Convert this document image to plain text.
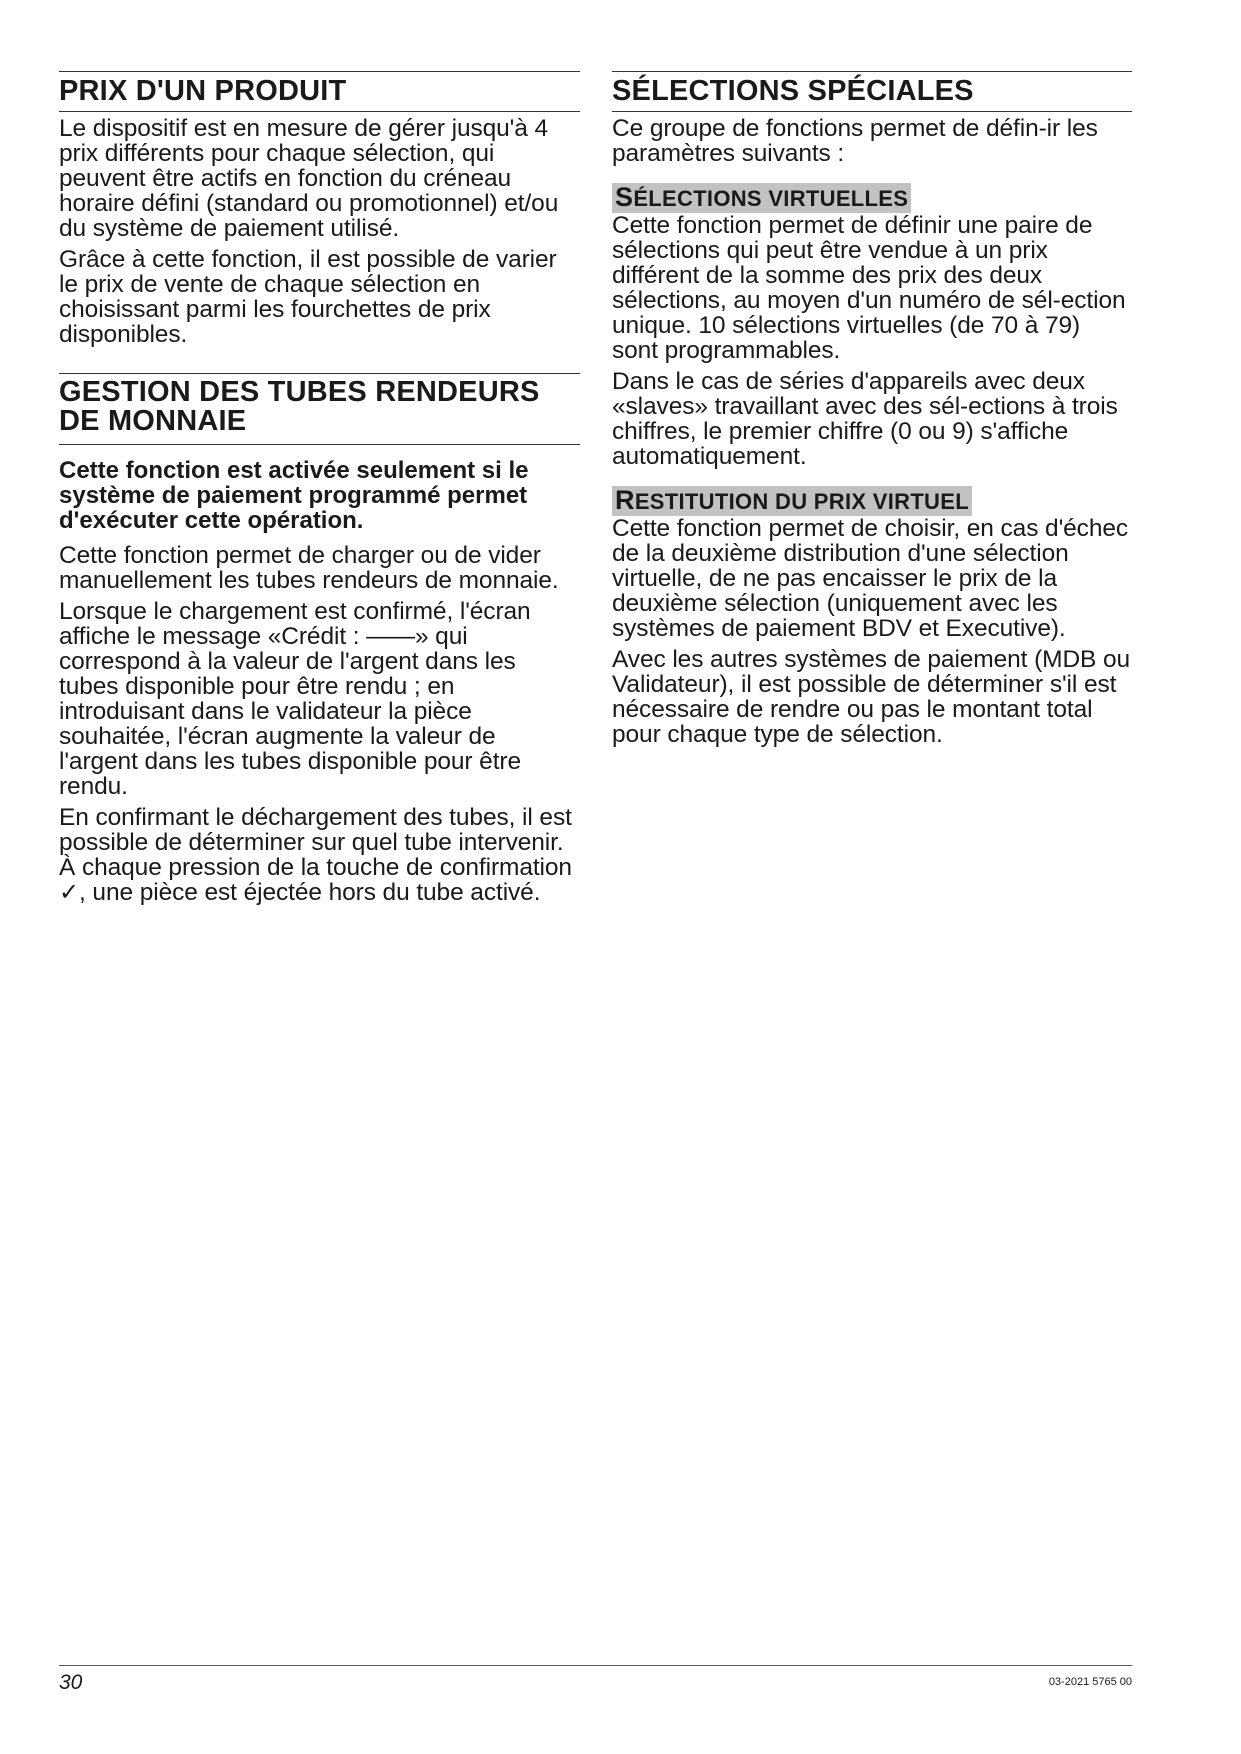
PRIX D'UN PRODUIT

Le dispositif est en mesure de gérer jusqu'à 4 prix différents pour chaque sélection, qui peuvent être actifs en fonction du créneau horaire défini (standard ou promotionnel) et/ou du système de paiement utilisé.

Grâce à cette fonction, il est possible de varier le prix de vente de chaque sélection en choisissant parmi les fourchettes de prix disponibles.

GESTION DES TUBES RENDEURS
DE MONNAIE

Cette fonction est activée seulement si le système de paiement programmé permet d'exécuter cette opération.

Cette fonction permet de charger ou de vider manuellement les tubes rendeurs de monnaie.

Lorsque le chargement est confirmé, l'écran affiche le message «Crédit : ——» qui correspond à la valeur de l'argent dans les tubes disponible pour être rendu ; en introduisant dans le validateur la pièce souhaitée, l'écran augmente la valeur de l'argent dans les tubes disponible pour être rendu.

En confirmant le déchargement des tubes, il est possible de déterminer sur quel tube intervenir. À chaque pression de la touche de confirmation ✓, une pièce est éjectée hors du tube activé.

SÉLECTIONS SPÉCIALES

Ce groupe de fonctions permet de défin-ir les paramètres suivants :

SÉLECTIONS VIRTUELLES

Cette fonction permet de définir une paire de sélections qui peut être vendue à un prix différent de la somme des prix des deux sélections, au moyen d'un numéro de sél-ection unique. 10 sélections virtuelles (de 70 à 79) sont programmables.

Dans le cas de séries d'appareils avec deux «slaves» travaillant avec des sél-ections à trois chiffres, le premier chiffre (0 ou 9) s'affiche automatiquement.

RESTITUTION DU PRIX VIRTUEL

Cette fonction permet de choisir, en cas d'échec de la deuxième distribution d'une sélection virtuelle, de ne pas encaisser le prix de la deuxième sélection (uniquement avec les systèmes de paiement BDV et Executive).

Avec les autres systèmes de paiement (MDB ou Validateur), il est possible de déterminer s'il est nécessaire de rendre ou pas le montant total pour chaque type de sélection.

30	03-2021 5765 00
